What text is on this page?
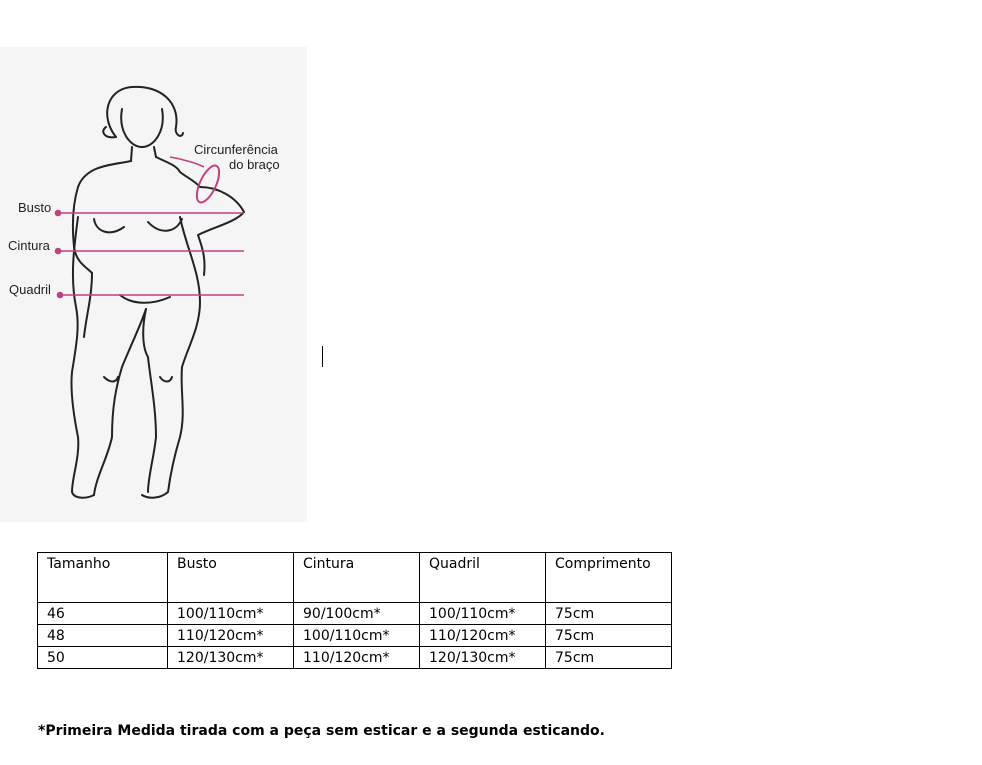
Circunferência
do braço
Busto
Cintura
Quadril
Tamanho	Busto	Cintura	Quadril	Comprimento
46	100/110cm*	90/100cm*	100/110cm*	75cm
48	110/120cm*	100/110cm*	110/120cm*	75cm
50	120/130cm*	110/120cm*	120/130cm*	75cm
*Primeira Medida tirada com a peça sem esticar e a segunda esticando.
